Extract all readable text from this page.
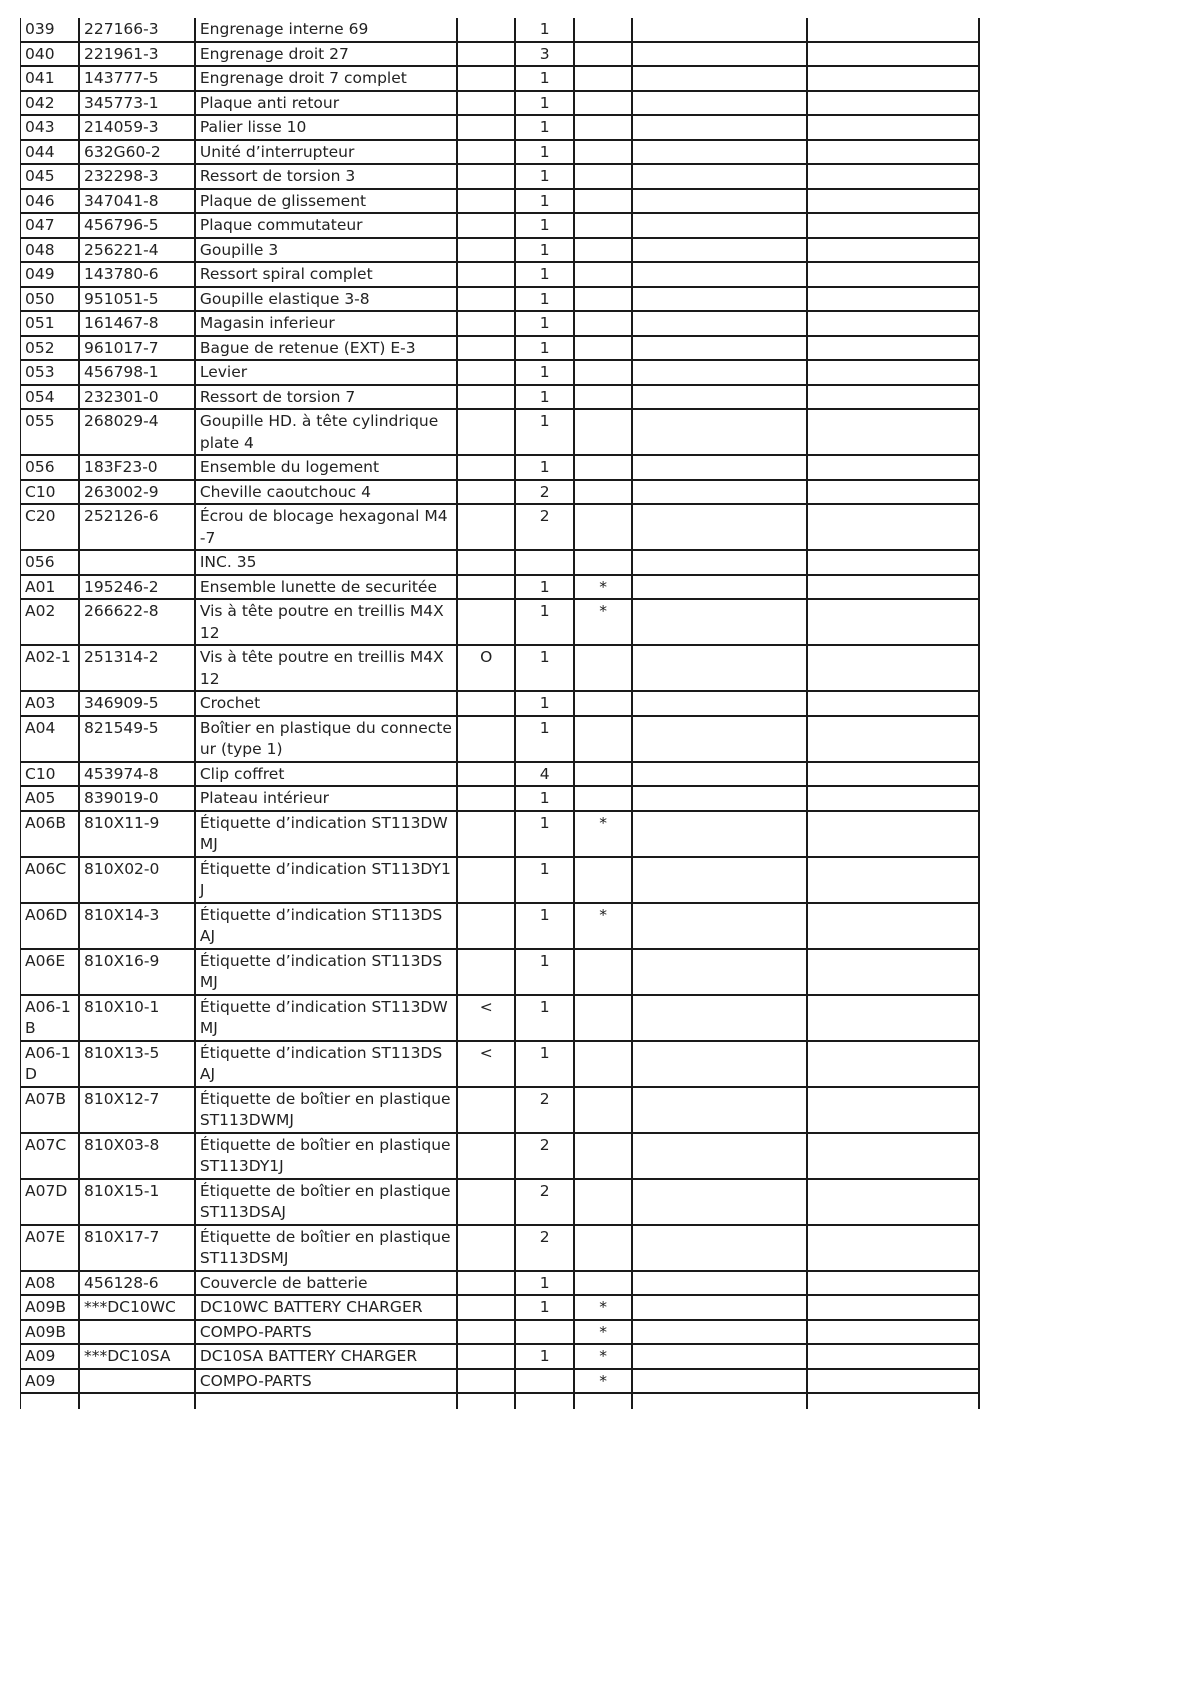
039	227166-3	Engrenage interne 69		1			
040	221961-3	Engrenage droit 27		3			
041	143777-5	Engrenage droit 7 complet		1			
042	345773-1	Plaque anti retour		1			
043	214059-3	Palier lisse 10		1			
044	632G60-2	Unité d’interrupteur		1			
045	232298-3	Ressort de torsion 3		1			
046	347041-8	Plaque de glissement		1			
047	456796-5	Plaque commutateur		1			
048	256221-4	Goupille 3		1			
049	143780-6	Ressort spiral complet		1			
050	951051-5	Goupille elastique 3-8		1			
051	161467-8	Magasin inferieur		1			
052	961017-7	Bague de retenue (EXT) E-3		1			
053	456798-1	Levier		1			
054	232301-0	Ressort de torsion 7		1			
055	268029-4	Goupille HD. à tête cylindrique plate 4		1			
056	183F23-0	Ensemble du logement		1			
C10	263002-9	Cheville caoutchouc 4		2			
C20	252126-6	Écrou de blocage hexagonal M4-7		2			
056		INC. 35					
A01	195246-2	Ensemble lunette de securitée		1	*		
A02	266622-8	Vis à tête poutre en treillis M4X12		1	*		
A02-1	251314-2	Vis à tête poutre en treillis M4X12	O	1			
A03	346909-5	Crochet		1			
A04	821549-5	Boîtier en plastique du connecteur (type 1)		1			
C10	453974-8	Clip coffret		4			
A05	839019-0	Plateau intérieur		1			
A06B	810X11-9	Étiquette d’indication ST113DWMJ		1	*		
A06C	810X02-0	Étiquette d’indication ST113DY1J		1			
A06D	810X14-3	Étiquette d’indication ST113DSAJ		1	*		
A06E	810X16-9	Étiquette d’indication ST113DSMJ		1			
A06-1B	810X10-1	Étiquette d’indication ST113DWMJ	<	1			
A06-1D	810X13-5	Étiquette d’indication ST113DSAJ	<	1			
A07B	810X12-7	Étiquette de boîtier en plastique ST113DWMJ		2			
A07C	810X03-8	Étiquette de boîtier en plastique ST113DY1J		2			
A07D	810X15-1	Étiquette de boîtier en plastique ST113DSAJ		2			
A07E	810X17-7	Étiquette de boîtier en plastique ST113DSMJ		2			
A08	456128-6	Couvercle de batterie		1			
A09B	***DC10WC	DC10WC BATTERY CHARGER		1	*		
A09B		COMPO-PARTS			*		
A09	***DC10SA	DC10SA BATTERY CHARGER		1	*		
A09		COMPO-PARTS			*		
